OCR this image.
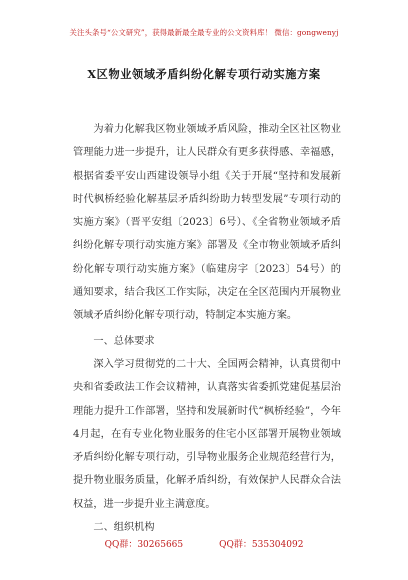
关注头条号“公文研究”，获得最新最全最专业的公文资料库！ 微信：gongwenyj
X区物业领域矛盾纠纷化解专项行动实施方案

为着力化解我区物业领域矛盾风险，推动全区社区物业管理能力进一步提升，让人民群众有更多获得感、幸福感，根据省委平安山西建设领导小组《关于开展“坚持和发展新时代枫桥经验化解基层矛盾纠纷助力转型发展”专项行动的实施方案》（晋平安组〔2023〕6号）、《全省物业领域矛盾纠纷化解专项行动实施方案》部署及《全市物业领域矛盾纠纷化解专项行动实施方案》（临建房字〔2023〕54号）的通知要求，结合我区工作实际，决定在全区范围内开展物业领域矛盾纠纷化解专项行动，特制定本实施方案。

一、总体要求

深入学习贯彻党的二十大、全国两会精神，认真贯彻中央和省委政法工作会议精神，认真落实省委抓党建促基层治理能力提升工作部署，坚持和发展新时代“枫桥经验”，今年4月起，在有专业化物业服务的住宅小区部署开展物业领域矛盾纠纷化解专项行动，引导物业服务企业规范经营行为，提升物业服务质量，化解矛盾纠纷，有效保护人民群众合法权益，进一步提升业主满意度。

二、组织机构

QQ群：30265665	QQ群：535304092
